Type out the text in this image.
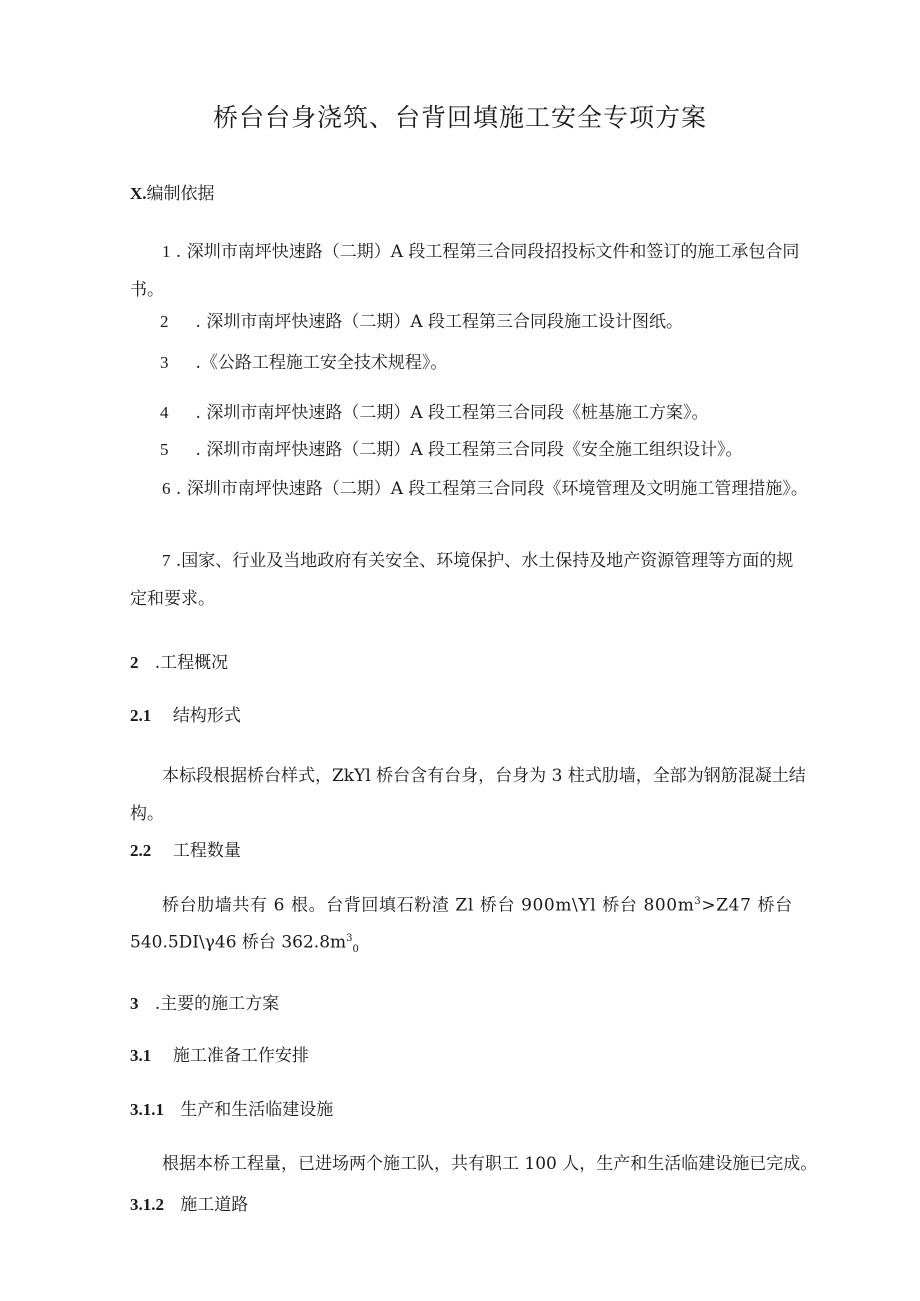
桥台台身浇筑、台背回填施工安全专项方案
X.编制依据
1 . 深圳市南坪快速路（二期）A 段工程第三合同段招投标文件和签订的施工承包合同书。
2 . 深圳市南坪快速路（二期）A 段工程第三合同段施工设计图纸。
3 .《公路工程施工安全技术规程》。
4 . 深圳市南坪快速路（二期）A 段工程第三合同段《桩基施工方案》。
5 . 深圳市南坪快速路（二期）A 段工程第三合同段《安全施工组织设计》。
6 . 深圳市南坪快速路（二期）A 段工程第三合同段《环境管理及文明施工管理措施》。
7 .国家、行业及当地政府有关安全、环境保护、水土保持及地产资源管理等方面的规定和要求。
2 .工程概况
2.1 结构形式
本标段根据桥台样式，ZkYl 桥台含有台身，台身为 3 柱式肋墙，全部为钢筋混凝土结构。
2.2 工程数量
桥台肋墙共有 6 根。台背回填石粉渣 Zl 桥台 900m\Yl 桥台 $800m^3>Z47$ 桥台
540.5DI\γ46 桥台 $362.8m^3_0$
3 .主要的施工方案
3.1 施工准备工作安排
3.1.1 生产和生活临建设施
根据本桥工程量，已进场两个施工队，共有职工 100 人，生产和生活临建设施已完成。
3.1.2 施工道路
